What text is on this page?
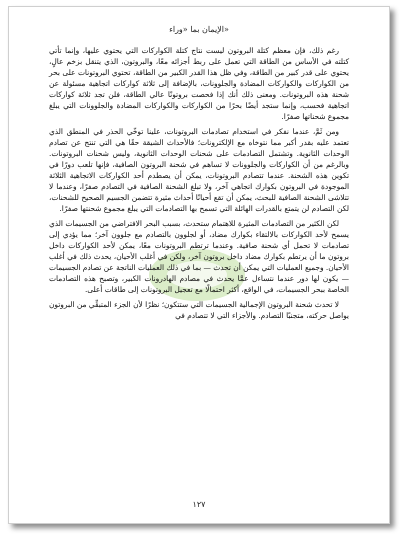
الإيمان بما «وراء»

رغم ذلك، فإن معظم كتلة البروتون ليست نتاج كتلة الكواركات التي يحتوي عليها، وإنما تأتي كتلته في الأساس من الطاقة التي تعمل على ربط أجزائه معًا، والبروتون، الذي يتنقل بزخم عالٍ، يحتوي على قدر كبير من الطاقة، وفي ظل هذا القدر الكبير من الطاقة، تحتوي البروتونات على بحر من الكواركات والكواركات المضادة والجلوونات، بالإضافة إلى ثلاثة كواركات اتجاهية مسئولة عن شحنة هذه البروتونات. ومعنى ذلك أنك إذا فحصت بروتونًا عالي الطاقة، فلن تجد ثلاثة كواركات اتجاهية فحسب، وإنما ستجد أيضًا بحرًا من الكواركات والكواركات المضادة والجلوونات التي يبلغ مجموع شحناتها صفرًا.

ومن ثَمَّ، عندما نفكر في استخدام تصادمات البروتونات، علينا توخّي الحذر في المنطق الذي تعتمد عليه بقدر أكبر مما نتوخاه مع الإلكترونات؛ فالأحداث الشيقة حقًا هي التي تنتج عن تصادم الوحدات الثانوية. وتشتمل التصادمات على شحنات الوحدات الثانوية، وليس شحنات البروتونات. وبالرغم من أن الكواركات والجلوونات لا تساهم في شحنة البروتون الصافية، فإنها تلعب دورًا في تكوين هذه الشحنة. عندما تتصادم البروتونات، يمكن أن يصطدم أحد الكواركات الاتجاهية الثلاثة الموجودة في البروتون بكوارك اتجاهي آخر، ولا تبلغ الشحنة الصافية في التصادم صفرًا، وعندما لا تتلاشى الشحنة الصافية للبحث، يمكن أن تقع أحيانًا أحداث مثيرة تتضمن الجسيم الصحيح للشحنات، لكن التصادم لن يتمتع بالقدرات الهائلة التي تسمح بها التصادمات التي يبلغ مجموع شحنتها صفرًا.

لكن الكثير من التصادمات المثيرة للاهتمام ستحدث، بسبب البحر الافتراضي من الجسيمات الذي يسمح لأحد الكواركات بالالتقاء بكوارك مضاد، أو لجلوون بالتصادم مع جلوون آخر؛ مما يؤدي إلى تصادمات لا تحمل أي شحنة صافية. وعندما ترتطم البروتونات معًا، يمكن لأحد الكواركات داخل بروتون ما أن يرتطم بكوارك مضاد داخل بروتون آخر، ولكن في أغلب الأحيان، يحدث ذلك في أغلب الأحيان. وجميع العمليات التي يمكن أن تحدث — بما في ذلك العمليات الناتجة عن تصادم الجسيمات — يكون لها دور عندما نتساءل عمَّا يحدث في مصادم الهادرونات الكبير، وتصبح هذه التصادمات الخاصة ببحر الجسيمات، في الواقع، أكثر احتمالًا مع تعجيل البروتونات إلى طاقات أعلى.

لا تحدث شحنة البروتون الإجمالية الجسيمات التي ستتكون؛ نظرًا لأن الجزء المتبقِّي من البروتون يواصل حركته، متجنبًا التصادم. والأجزاء التي لا تتصادم في

١٢٧
